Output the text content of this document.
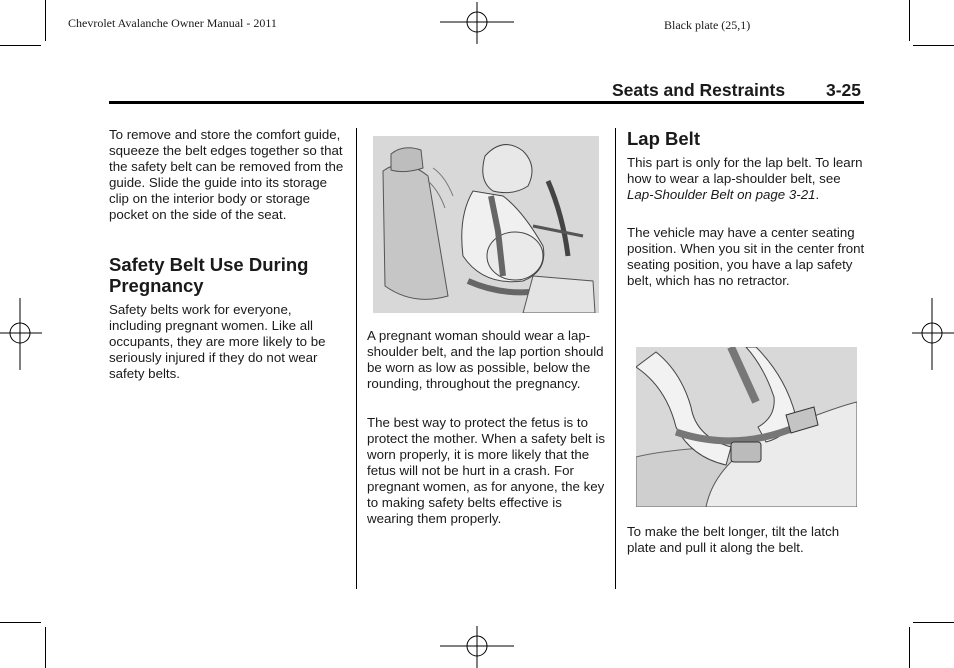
Chevrolet Avalanche Owner Manual - 2011	Black plate (25,1)
Seats and Restraints 3-25

To remove and store the comfort guide, squeeze the belt edges together so that the safety belt can be removed from the guide. Slide the guide into its storage clip on the interior body or storage pocket on the side of the seat.

Safety Belt Use During Pregnancy

Safety belts work for everyone, including pregnant women. Like all occupants, they are more likely to be seriously injured if they do not wear safety belts.

A pregnant woman should wear a lap-shoulder belt, and the lap portion should be worn as low as possible, below the rounding, throughout the pregnancy.

The best way to protect the fetus is to protect the mother. When a safety belt is worn properly, it is more likely that the fetus will not be hurt in a crash. For pregnant women, as for anyone, the key to making safety belts effective is wearing them properly.

Lap Belt

This part is only for the lap belt. To learn how to wear a lap-shoulder belt, see Lap-Shoulder Belt on page 3-21.

The vehicle may have a center seating position. When you sit in the center front seating position, you have a lap safety belt, which has no retractor.

To make the belt longer, tilt the latch plate and pull it along the belt.
